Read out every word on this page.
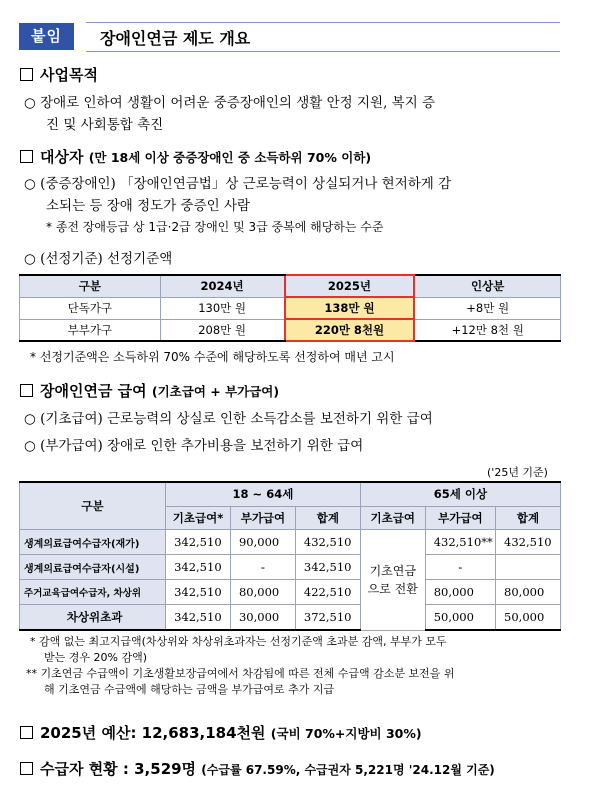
붙임	장애인연금 제도 개요
사업목적
○ 장애로 인하여 생활이 어려운 중증장애인의 생활 안정 지원, 복지 증
진 및 사회통합 촉진
대상자 (만 18세 이상 중증장애인 중 소득하위 70% 이하)
○ (중증장애인) 「장애인연금법」상 근로능력이 상실되거나 현저하게 감
소되는 등 장애 정도가 중증인 사람
* 종전 장애등급 상 1급·2급 장애인 및 3급 중복에 해당하는 수준
○ (선정기준) 선정기준액
구분	2024년	2025년	인상분
단독가구	130만 원	138만 원	+8만 원
부부가구	208만 원	220만 8천원	+12만 8천 원
* 선정기준액은 소득하위 70% 수준에 해당하도록 선정하여 매년 고시
장애인연금 급여 (기초급여 + 부가급여)
○ (기초급여) 근로능력의 상실로 인한 소득감소를 보전하기 위한 급여
○ (부가급여) 장애로 인한 추가비용을 보전하기 위한 급여
('25년 기준)
구분	18 ~ 64세			65세 이상		
	기초급여*	부가급여	합계	기초급여	부가급여	합계
생계의료급여수급자(재가)	342,510	90,000	432,510	기초연금으로 전환	432,510**	432,510
생계의료급여수급자(시설)	342,510	-	342,510		-	
주거교육급여수급자, 차상위	342,510	80,000	422,510		80,000	80,000
차상위초과	342,510	30,000	372,510		50,000	50,000
* 감액 없는 최고지급액(차상위와 차상위초과자는 선정기준액 초과분 감액, 부부가 모두
받는 경우 20% 감액)
** 기초연금 수급액이 기초생활보장급여에서 차감됨에 따른 전체 수급액 감소분 보전을 위
해 기초연금 수급액에 해당하는 금액을 부가급여로 추가 지급
2025년 예산: 12,683,184천원 (국비 70%+지방비 30%)
수급자 현황 : 3,529명 (수급률 67.59%, 수급권자 5,221명 '24.12월 기준)
